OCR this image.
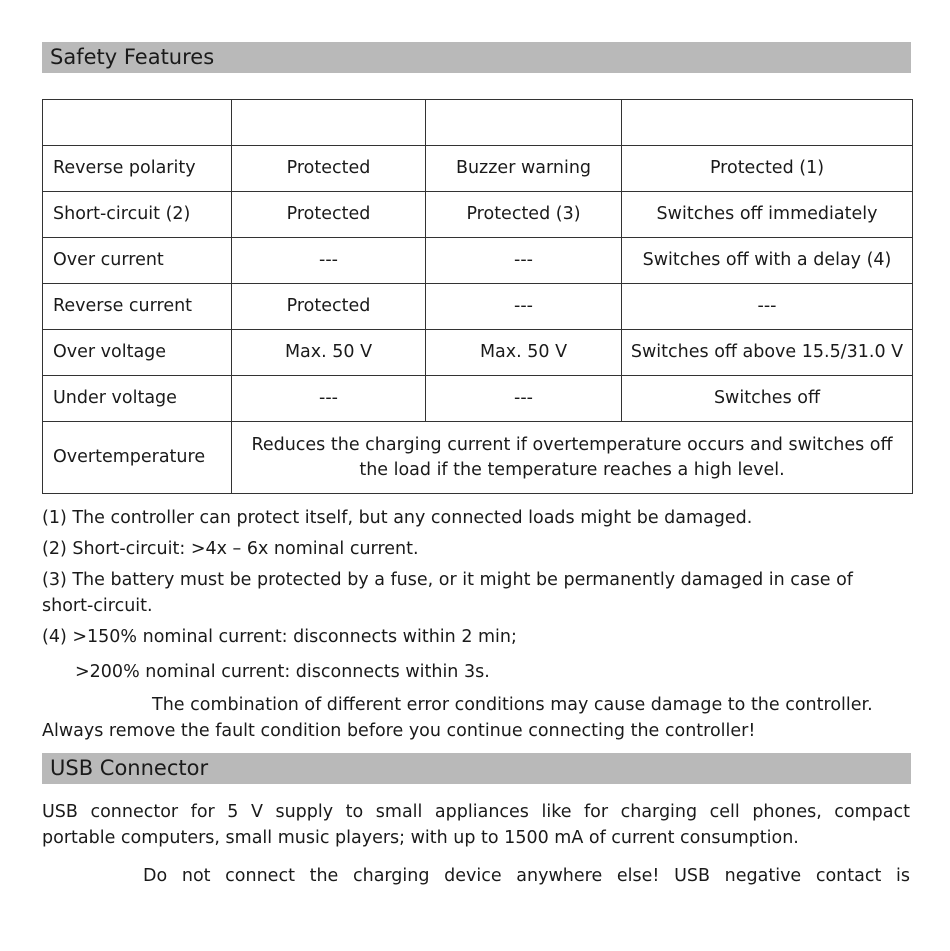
Safety Features

Reverse polarity	Protected	Buzzer warning	Protected (1)
Short-circuit (2)	Protected	Protected (3)	Switches off immediately
Over current	---	---	Switches off with a delay (4)
Reverse current	Protected	---	---
Over voltage	Max. 50 V	Max. 50 V	Switches off above 15.5/31.0 V
Under voltage	---	---	Switches off
Overtemperature	Reduces the charging current if overtemperature occurs and switches off the load if the temperature reaches a high level.		
(1) The controller can protect itself, but any connected loads might be damaged.
(2) Short-circuit: >4x – 6x nominal current.
(3) The battery must be protected by a fuse, or it might be permanently damaged in case of
short-circuit.
(4) >150% nominal current: disconnects within 2 min;
>200% nominal current: disconnects within 3s.
The combination of different error conditions may cause damage to the controller.
Always remove the fault condition before you continue connecting the controller!
USB Connector
USB connector for 5 V supply to small appliances like for charging cell phones, compact
portable computers, small music players; with up to 1500 mA of current consumption.
Do not connect the charging device anywhere else! USB negative contact is
